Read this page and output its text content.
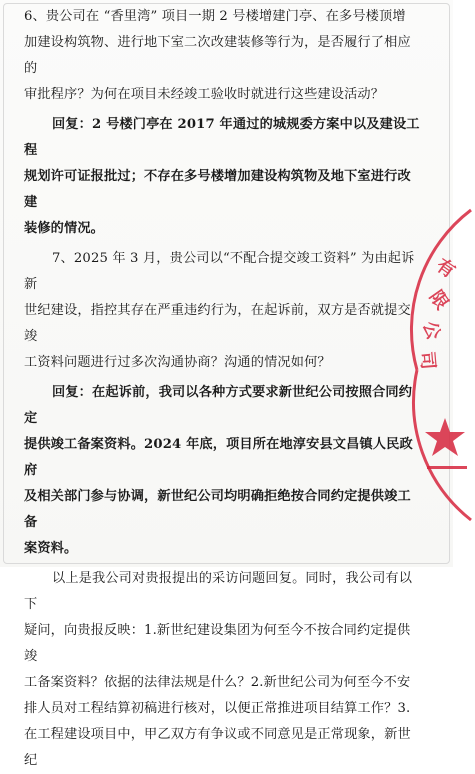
6、贵公司在 “香里湾” 项目一期 2 号楼增建门亭、在多号楼顶增
加建设构筑物、进行地下室二次改建装修等行为，是否履行了相应的
审批程序？为何在项目未经竣工验收时就进行这些建设活动？

回复：2 号楼门亭在 2017 年通过的城规委方案中以及建设工程
规划许可证报批过；不存在多号楼增加建设构筑物及地下室进行改建
装修的情况。

7、2025 年 3 月，贵公司以“不配合提交竣工资料” 为由起诉新
世纪建设，指控其存在严重违约行为，在起诉前，双方是否就提交竣
工资料问题进行过多次沟通协商？沟通的情况如何？

回复：在起诉前，我司以各种方式要求新世纪公司按照合同约定
提供竣工备案资料。2024 年底，项目所在地淳安县文昌镇人民政府
及相关部门参与协调，新世纪公司均明确拒绝按合同约定提供竣工备
案资料。

以上是我公司对贵报提出的采访问题回复。同时，我公司有以下
疑问，向贵报反映：1.新世纪建设集团为何至今不按合同约定提供竣
工备案资料？依据的法律法规是什么？2.新世纪公司为何至今不安
排人员对工程结算初稿进行核对，以便正常推进项目结算工作？3.
在工程建设项目中，甲乙双方有争议或不同意见是正常现象，新世纪

有
限
公
司
